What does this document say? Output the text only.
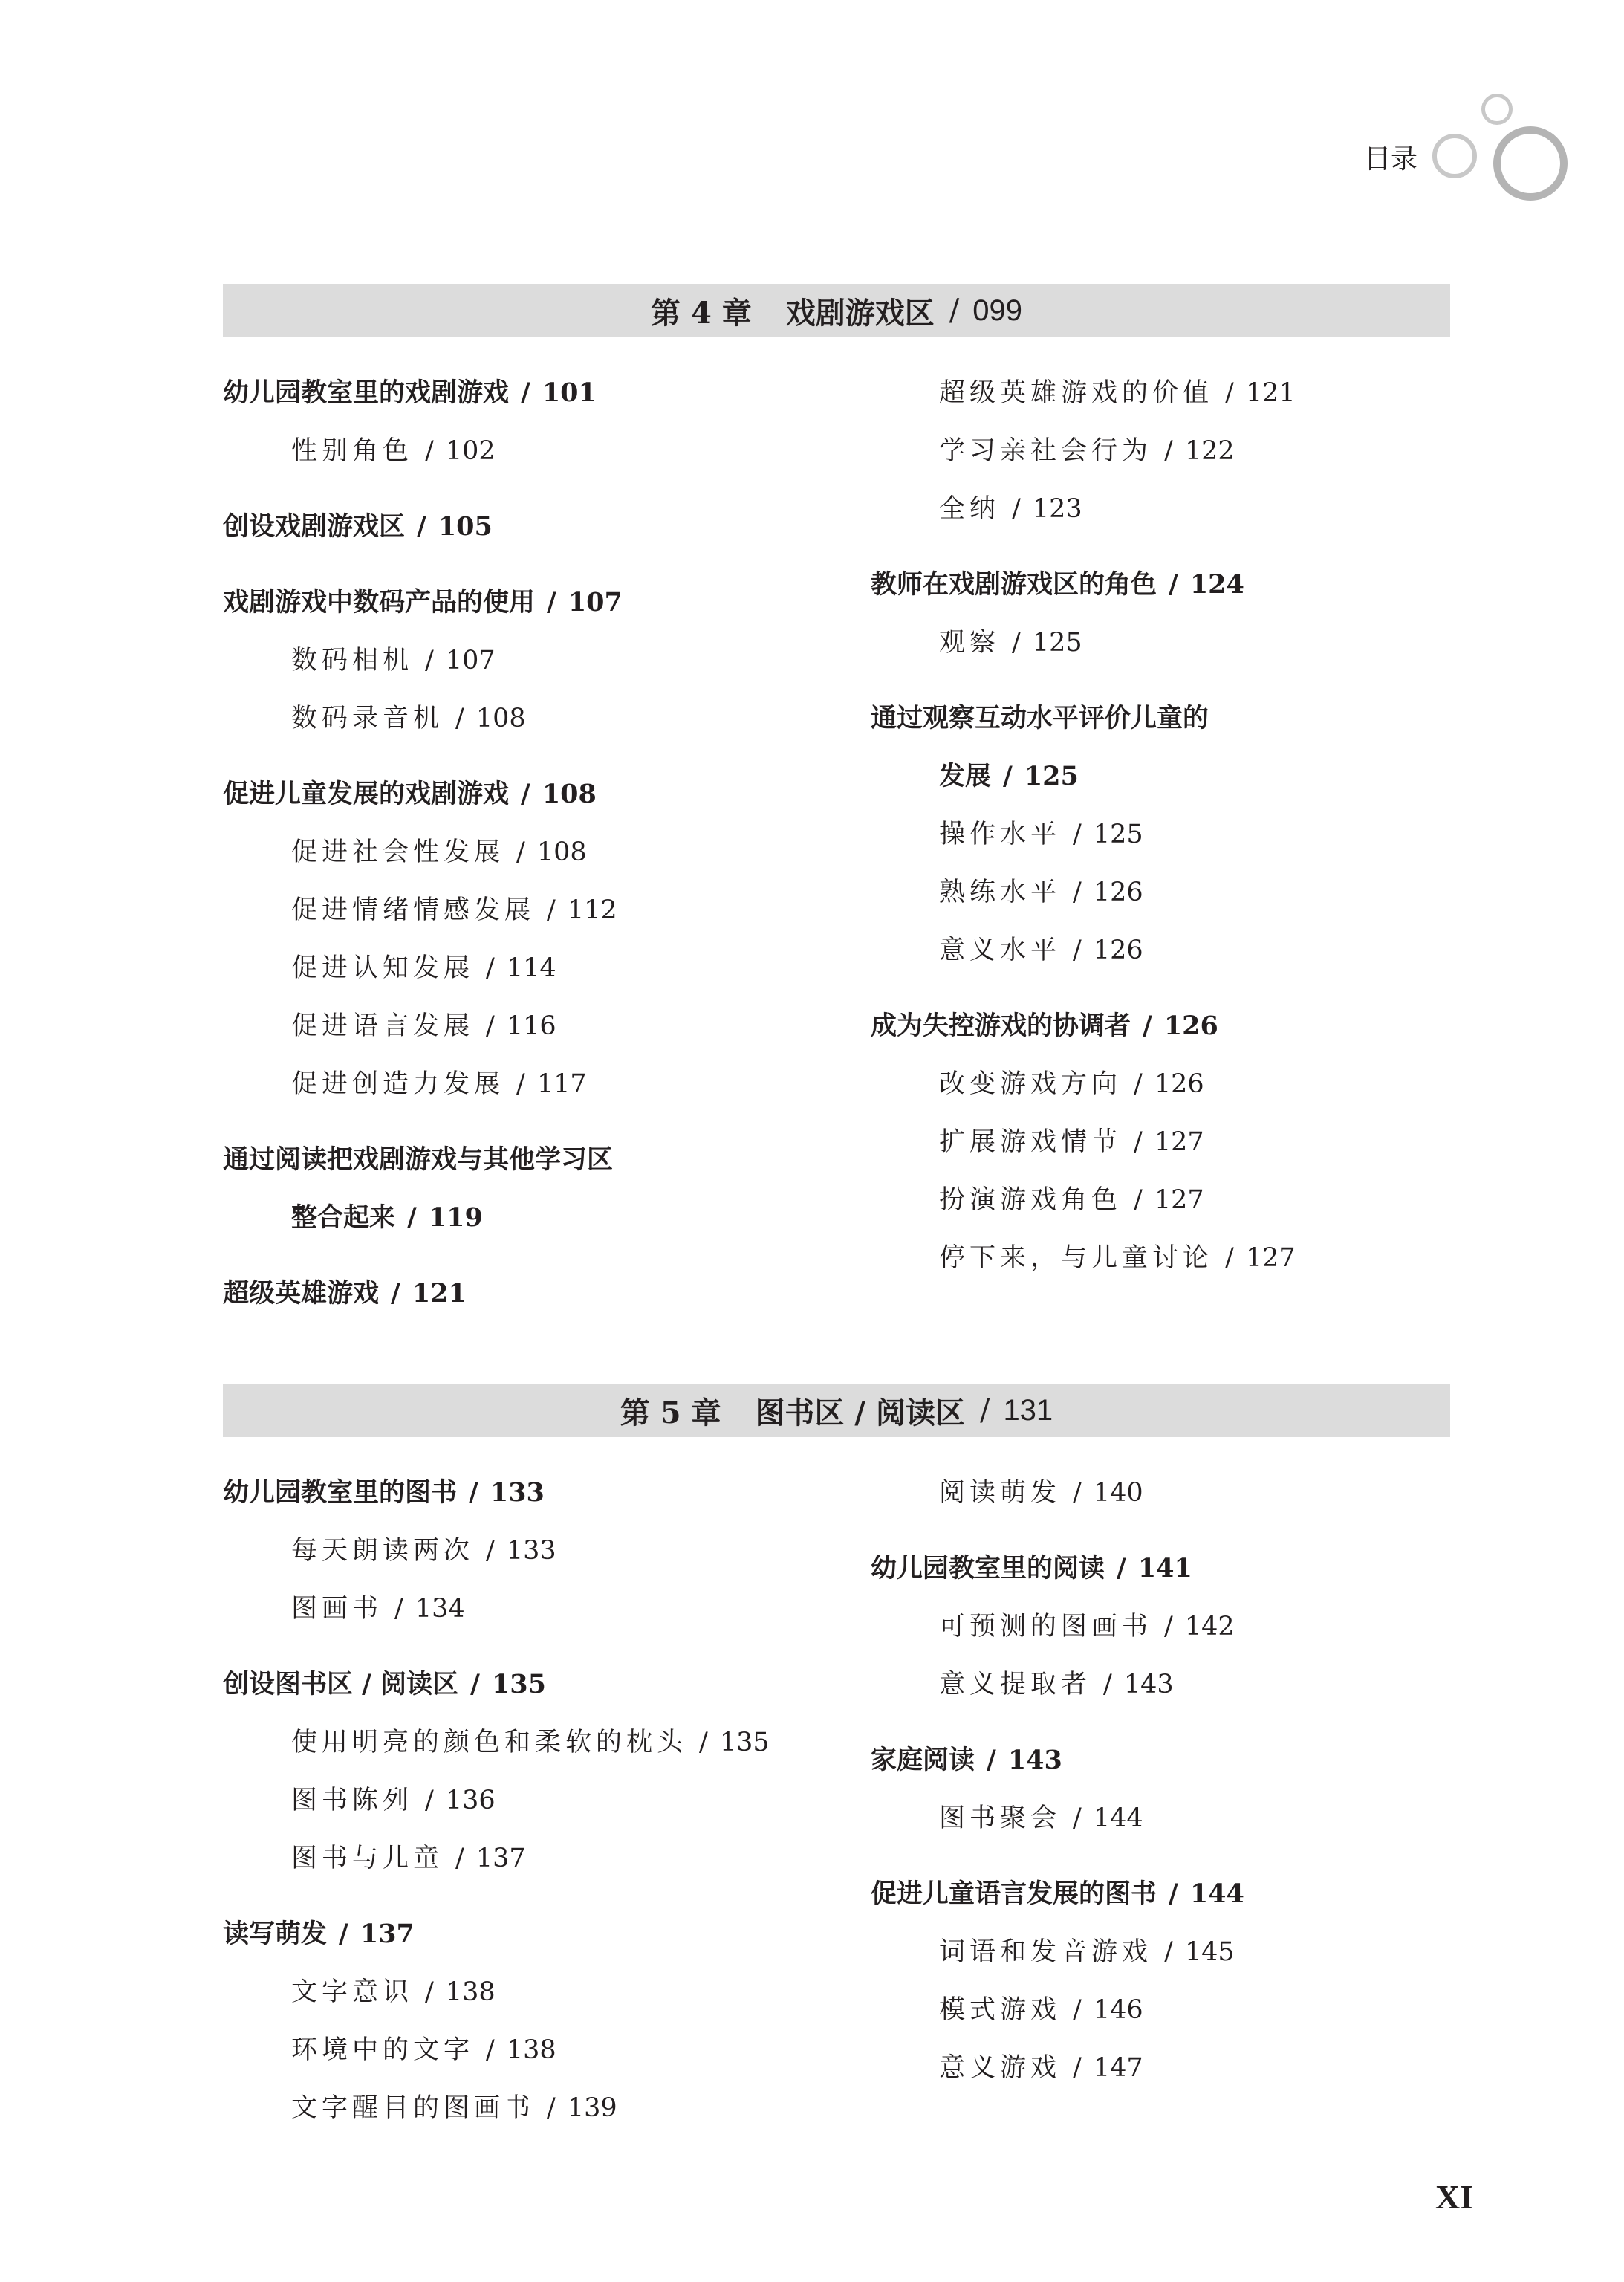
目录
第 4 章 戏剧游戏区 / 099
幼儿园教室里的戏剧游戏 / 101
性别角色 / 102
创设戏剧游戏区 / 105
戏剧游戏中数码产品的使用 / 107
数码相机 / 107
数码录音机 / 108
促进儿童发展的戏剧游戏 / 108
促进社会性发展 / 108
促进情绪情感发展 / 112
促进认知发展 / 114
促进语言发展 / 116
促进创造力发展 / 117
通过阅读把戏剧游戏与其他学习区
整合起来 / 119
超级英雄游戏 / 121
超级英雄游戏的价值 / 121
学习亲社会行为 / 122
全纳 / 123
教师在戏剧游戏区的角色 / 124
观察 / 125
通过观察互动水平评价儿童的
发展 / 125
操作水平 / 125
熟练水平 / 126
意义水平 / 126
成为失控游戏的协调者 / 126
改变游戏方向 / 126
扩展游戏情节 / 127
扮演游戏角色 / 127
停下来，与儿童讨论 / 127
第 5 章 图书区 / 阅读区 / 131
幼儿园教室里的图书 / 133
每天朗读两次 / 133
图画书 / 134
创设图书区 / 阅读区 / 135
使用明亮的颜色和柔软的枕头 / 135
图书陈列 / 136
图书与儿童 / 137
读写萌发 / 137
文字意识 / 138
环境中的文字 / 138
文字醒目的图画书 / 139
阅读萌发 / 140
幼儿园教室里的阅读 / 141
可预测的图画书 / 142
意义提取者 / 143
家庭阅读 / 143
图书聚会 / 144
促进儿童语言发展的图书 / 144
词语和发音游戏 / 145
模式游戏 / 146
意义游戏 / 147
XI
